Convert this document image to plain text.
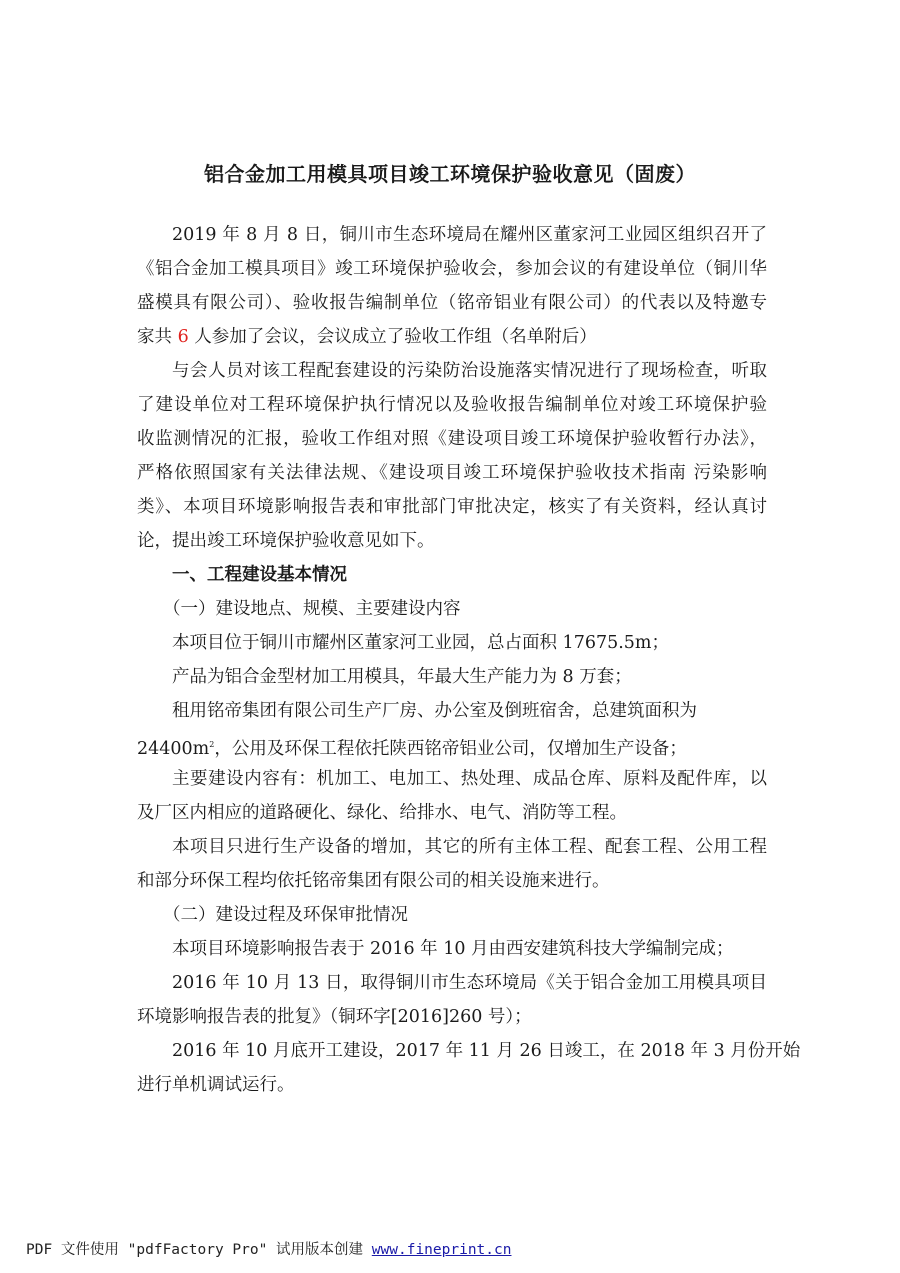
铝合金加工用模具项目竣工环境保护验收意见（固废）
2019 年 8 月 8 日，铜川市生态环境局在耀州区董家河工业园区组织召开了
《铝合金加工模具项目》竣工环境保护验收会，参加会议的有建设单位（铜川华
盛模具有限公司）、验收报告编制单位（铭帝铝业有限公司）的代表以及特邀专
家共 6 人参加了会议，会议成立了验收工作组（名单附后）
与会人员对该工程配套建设的污染防治设施落实情况进行了现场检查，听取
了建设单位对工程环境保护执行情况以及验收报告编制单位对竣工环境保护验
收监测情况的汇报，验收工作组对照《建设项目竣工环境保护验收暂行办法》，
严格依照国家有关法律法规、《建设项目竣工环境保护验收技术指南 污染影响
类》、本项目环境影响报告表和审批部门审批决定，核实了有关资料，经认真讨
论，提出竣工环境保护验收意见如下。
一、工程建设基本情况
（一）建设地点、规模、主要建设内容
本项目位于铜川市耀州区董家河工业园，总占面积 17675.5m；
产品为铝合金型材加工用模具，年最大生产能力为 8 万套；
租用铭帝集团有限公司生产厂房、办公室及倒班宿舍，总建筑面积为
$24400m^2$，公用及环保工程依托陕西铭帝铝业公司，仅增加生产设备；
主要建设内容有：机加工、电加工、热处理、成品仓库、原料及配件库，以
及厂区内相应的道路硬化、绿化、给排水、电气、消防等工程。
本项目只进行生产设备的增加，其它的所有主体工程、配套工程、公用工程
和部分环保工程均依托铭帝集团有限公司的相关设施来进行。
（二）建设过程及环保审批情况
本项目环境影响报告表于 2016 年 10 月由西安建筑科技大学编制完成；
2016 年 10 月 13 日，取得铜川市生态环境局《关于铝合金加工用模具项目
环境影响报告表的批复》（铜环字[2016]260 号）；
2016 年 10 月底开工建设，2017 年 11 月 26 日竣工，在 2018 年 3 月份开始
进行单机调试运行。
PDF 文件使用 "pdfFactory Pro" 试用版本创建 www.fineprint.cn
